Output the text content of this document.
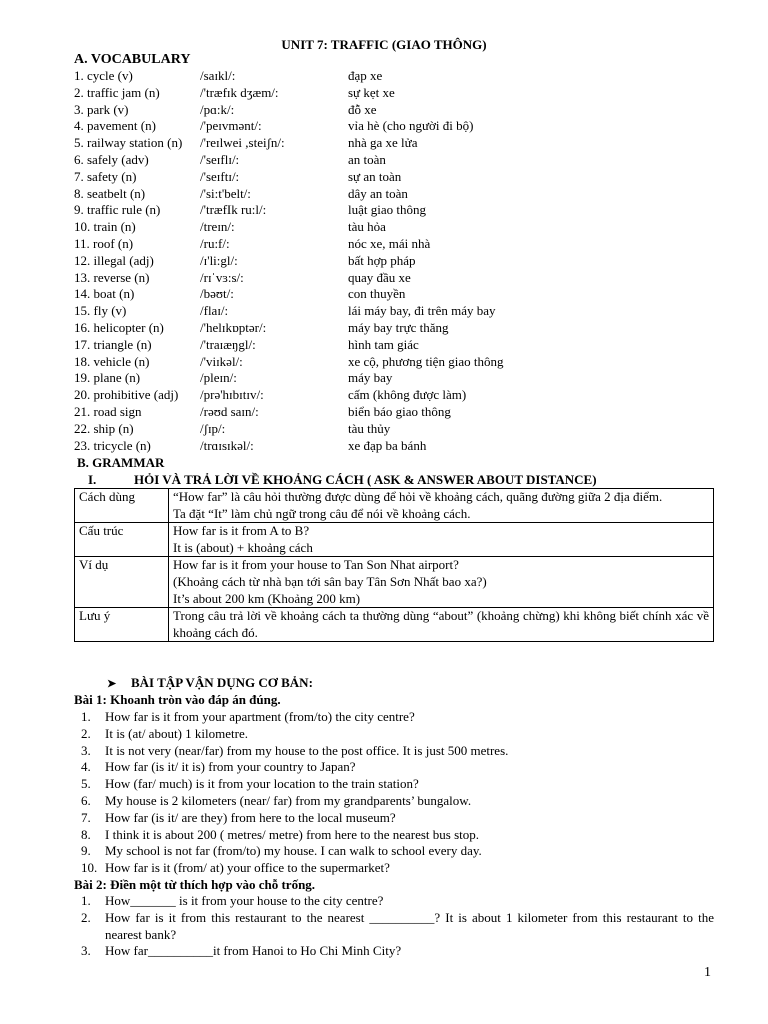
UNIT 7: TRAFFIC (GIAO THÔNG)
A. VOCABULARY
1. cycle (v)	/saɪkl/:	đạp xe
2. traffic jam (n)	/'træfɪk dʒæm/:	sự kẹt xe
3. park (v)	/pɑ:k/:	đỗ xe
4. pavement (n)	/'peɪvmənt/:	vỉa hè (cho người đi bộ)
5. railway station (n) /'reɪlwei ,steiʃn/:	nhà ga xe lửa
6. safely (adv)	/'seɪflɪ/:	an toàn
7. safety (n)	/'seɪftɪ/:	sự an toàn
8. seatbelt (n)	/'si:t'belt/:	dây an toàn
9. traffic rule (n)	/'træfIk ru:l/:	luật giao thông
10. train (n)	/treɪn/:	tàu hỏa
11. roof (n)	/ru:f/:	nóc xe, mái nhà
12. illegal (adj)	/ɪ'li:gl/:	bất hợp pháp
13. reverse (n)	/rɪˈvɜ:s/:	quay đầu xe
14. boat (n)	/bəʊt/:	con thuyền
15. fly (v)	/flaɪ/:	lái máy bay, đi trên máy bay
16. helicopter (n)	/'helɪkɒptər/:	máy bay trực thăng
17. triangle (n)	/'traɪæŋgl/:	hình tam giác
18. vehicle (n)	/'viɪkəl/:	xe cộ, phương tiện giao thông
19. plane (n)	/pleɪn/:	máy bay
20. prohibitive (adj) /prə'hɪbɪtɪv/:	cấm (không được làm)
21. road sign	/rəʊd saɪn/:	biển báo giao thông
22. ship (n)	/ʃɪp/:	tàu thủy
23. tricycle (n)	/trɑɪsɪkəl/:	xe đạp ba bánh
B. GRAMMAR
I.	HỎI VÀ TRẢ LỜI VỀ KHOẢNG CÁCH ( ASK & ANSWER ABOUT DISTANCE)
Cách dùng	“How far” là câu hỏi thường được dùng để hỏi về khoảng cách, quãng đường giữa 2 địa điểm.
Ta đặt “It” làm chủ ngữ trong câu để nói về khoảng cách.

Cấu trúc	How far is it from A to B?
It is (about) + khoảng cách

Ví dụ	How far is it from your house to Tan Son Nhat airport?
(Khoảng cách từ nhà bạn tới sân bay Tân Sơn Nhất bao xa?)
It’s about 200 km (Khoảng 200 km)

Lưu ý	Trong câu trả lời về khoảng cách ta thường dùng “about” (khoảng chừng) khi không biết chính xác về khoảng cách đó.
➤ BÀI TẬP VẬN DỤNG CƠ BẢN:
Bài 1: Khoanh tròn vào đáp án đúng.
1. How far is it from your apartment (from/to) the city centre?
2. It is (at/ about) 1 kilometre.
3. It is not very (near/far) from my house to the post office. It is just 500 metres.
4. How far (is it/ it is) from your country to Japan?
5. How (far/ much) is it from your location to the train station?
6. My house is 2 kilometers (near/ far) from my grandparents’ bungalow.
7. How far (is it/ are they) from here to the local museum?
8. I think it is about 200 ( metres/ metre) from here to the nearest bus stop.
9. My school is not far (from/to) my house. I can walk to school every day.
10. How far is it (from/ at) your office to the supermarket?
Bài 2: Điền một từ thích hợp vào chỗ trống.
1. How_______ is it from your house to the city centre?
2. How far is it from this restaurant to the nearest __________? It is about 1 kilometer from this restaurant to the nearest bank?
3. How far__________it from Hanoi to Ho Chi Minh City?
1
